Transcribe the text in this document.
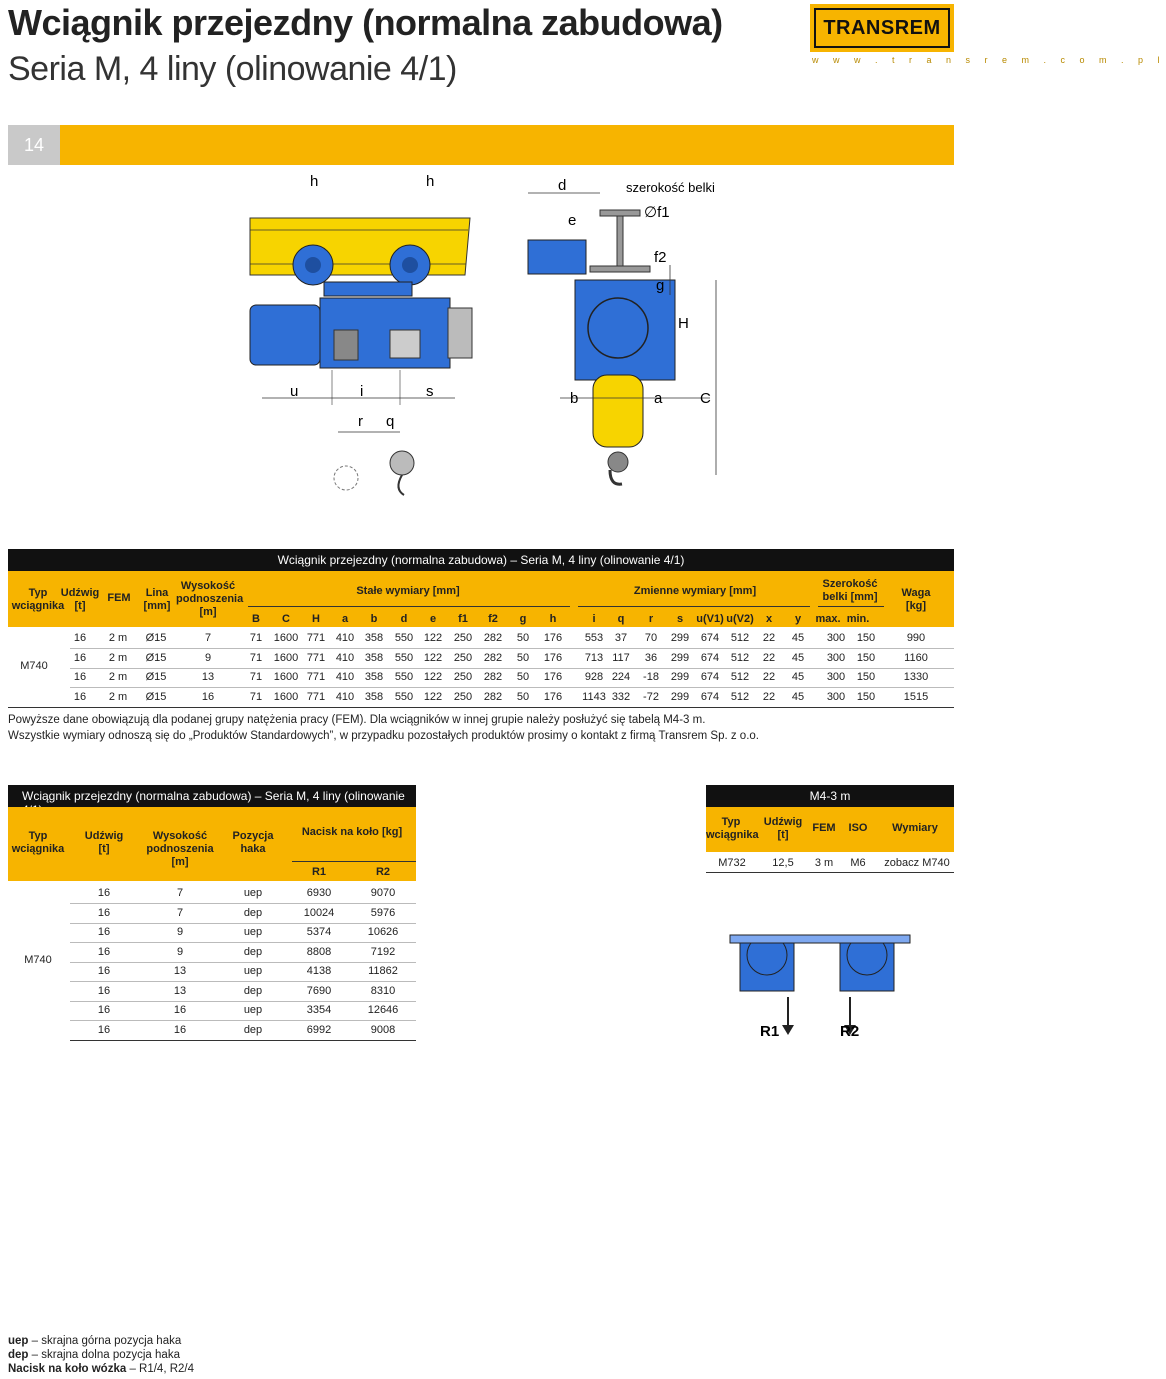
Wciągnik przejezdny (normalna zabudowa)
Seria M, 4 liny (olinowanie 4/1)
TRANSREM
w w w . t r a n s r e m . c o m . p l
14
h	h	d	szerokość belki
e	∅f1
f2
g
H
u	i	s
r q
b	a	C
Wciągnik przejezdny (normalna zabudowa) – Seria M, 4 liny (olinowanie 4/1)
Typ wciągnika
Udźwig [t]
FEM	Lina [mm]
Wysokość podnoszenia [m]
Stałe wymiary [mm]	Zmienne wymiary [mm]
Szerokość belki [mm]	Waga [kg]
B	C	H	a	b	d	e	f1	f2	g	h	i	q	r	s	u(V1) u(V2)	x	y	max. min.
M740
16	2 m	Ø15	7	71	1600 771 410 358	550 122	250	282	50	176	553	37	70	299	674	512	22	45	300	150	990
16	2 m	Ø15	9	71	1600 771 410 358	550 122	250	282	50	176	713 117	36	299	674	512	22	45	300	150	1160
16	2 m	Ø15	13	71	1600 771 410 358	550 122	250	282	50	176	928 224	-18	299	674	512	22	45	300	150	1330
16	2 m	Ø15	16	71	1600 771 410 358	550 122	250	282	50	176	1143 332	-72	299	674	512	22	45	300	150	1515
Powyższe dane obowiązują dla podanej grupy natężenia pracy (FEM). Dla wciągników w innej grupie należy posłużyć się tabelą M4-3 m.
Wszystkie wymiary odnoszą się do „Produktów Standardowych”, w przypadku pozostałych produktów prosimy o kontakt z firmą Transrem Sp. z o.o.
Wciągnik przejezdny (normalna zabudowa) – Seria M, 4 liny (olinowanie
Typ wciągnika
Udźwig [t]
Wysokość podnoszenia [m]
Pozycja haka
Nacisk na koło [kg]
R1	R2
M740
16	7	uep	6930	9070
16	7	dep	10024	5976
16	9	uep	5374	10626
16	9	dep	8808	7192
16	13	uep	4138	11862
16	13	dep	7690	8310
16	16	uep	3354	12646
16	16	dep	6992	9008
M4-3 m
Typ wciągnika
Udźwig [t]
FEM	ISO	Wymiary
M732	12,5	3 m	M6	zobacz M740
R1	R2
uep – skrajna górna pozycja haka
dep – skrajna dolna pozycja haka
Nacisk na koło wózka – R1/4, R2/4
